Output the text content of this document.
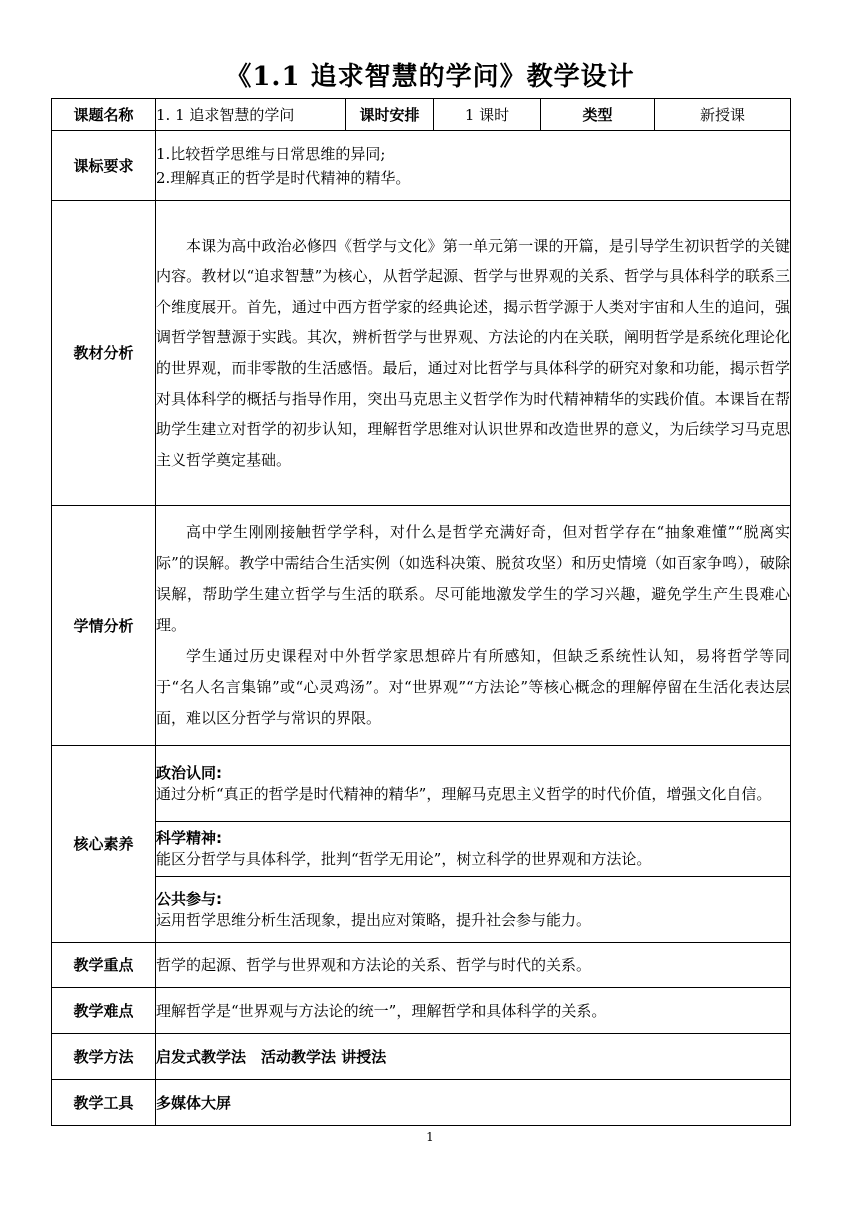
《1.1 追求智慧的学问》教学设计
课题名称	1. 1 追求智慧的学问	课时安排	1 课时	类型	新授课
课标要求	1.比较哲学思维与日常思维的异同;
2.理解真正的哲学是时代精神的精华。				

教材分析	本课为高中政治必修四《哲学与文化》第一单元第一课的开篇，是引导学生初识哲学的关键内容。教材以“追求智慧”为核心，从哲学起源、哲学与世界观的关系、哲学与具体科学的联系三个维度展开。首先，通过中西方哲学家的经典论述，揭示哲学源于人类对宇宙和人生的追问，强调哲学智慧源于实践。其次，辨析哲学与世界观、方法论的内在关联，阐明哲学是系统化理论化的世界观，而非零散的生活感悟。最后，通过对比哲学与具体科学的研究对象和功能，揭示哲学对具体科学的概括与指导作用，突出马克思主义哲学作为时代精神精华的实践价值。本课旨在帮助学生建立对哲学的初步认知，理解哲学思维对认识世界和改造世界的意义，为后续学习马克思主义哲学奠定基础。				

学情分析	高中学生刚刚接触哲学学科，对什么是哲学充满好奇，但对哲学存在“抽象难懂”“脱离实际”的误解。教学中需结合生活实例（如选科决策、脱贫攻坚）和历史情境（如百家争鸣），破除误解，帮助学生建立哲学与生活的联系。尽可能地激发学生的学习兴趣，避免学生产生畏难心理。

学生通过历史课程对中外哲学家思想碎片有所感知，但缺乏系统性认知，易将哲学等同于“名人名言集锦”或“心灵鸡汤”。对“世界观”“方法论”等核心概念的理解停留在生活化表达层面，难以区分哲学与常识的界限。				

核心素养	政治认同:
通过分析“真正的哲学是时代精神的精华”，理解马克思主义哲学的时代价值，增强文化自信。				

	科学精神:
能区分哲学与具体科学，批判“哲学无用论”，树立科学的世界观和方法论。				

	公共参与:
运用哲学思维分析生活现象，提出应对策略，提升社会参与能力。				

教学重点	哲学的起源、哲学与世界观和方法论的关系、哲学与时代的关系。				
教学难点	理解哲学是“世界观与方法论的统一”，理解哲学和具体科学的关系。				
教学方法	启发式教学法　活动教学法 讲授法				
教学工具	多媒体大屏				
1
